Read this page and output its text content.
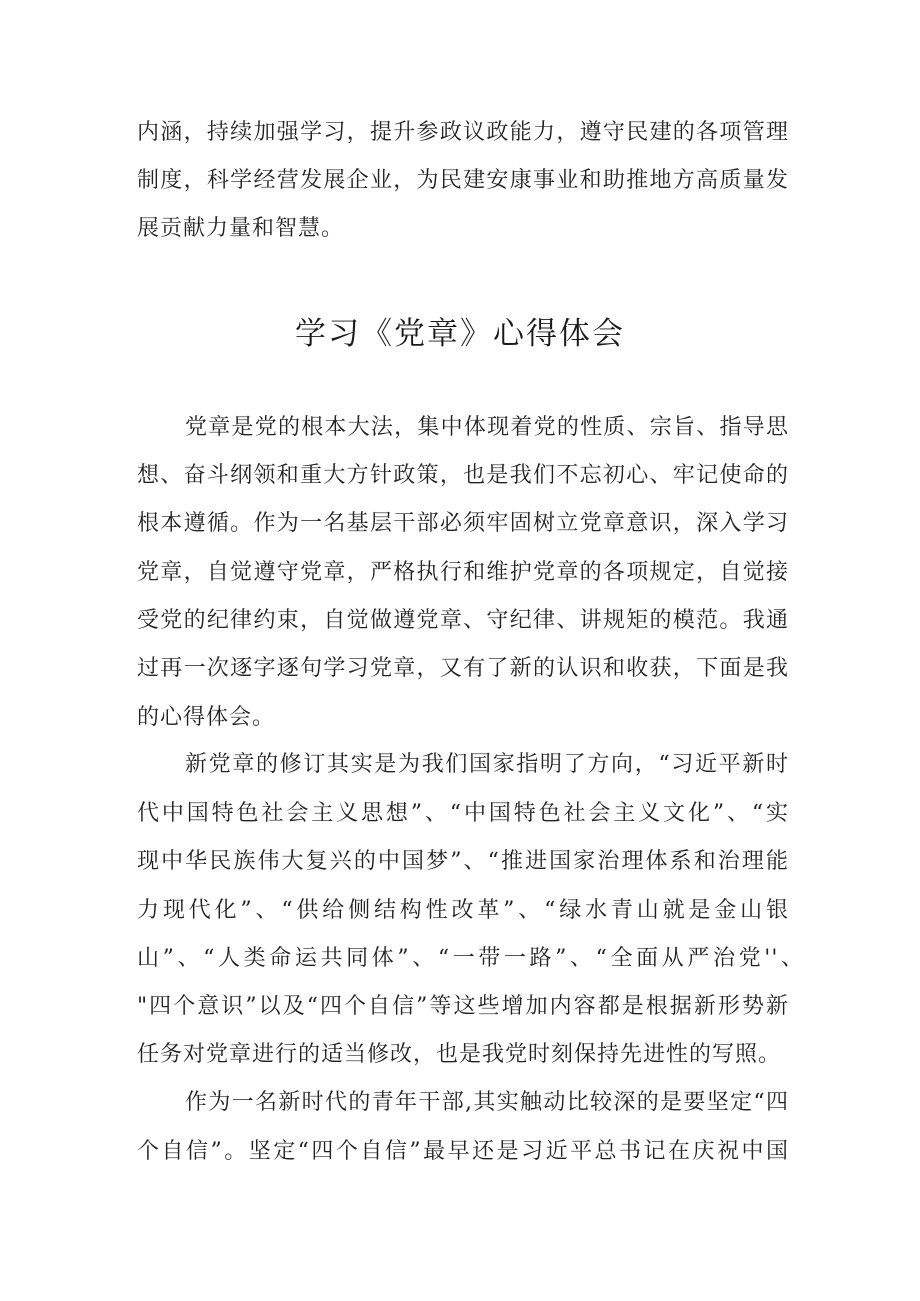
内涵，持续加强学习，提升参政议政能力，遵守民建的各项管理
制度，科学经营发展企业，为民建安康事业和助推地方高质量发
展贡献力量和智慧。
学习《党章》心得体会
党章是党的根本大法，集中体现着党的性质、宗旨、指导思
想、奋斗纲领和重大方针政策，也是我们不忘初心、牢记使命的
根本遵循。作为一名基层干部必须牢固树立党章意识，深入学习
党章，自觉遵守党章，严格执行和维护党章的各项规定，自觉接
受党的纪律约束，自觉做遵党章、守纪律、讲规矩的模范。我通
过再一次逐字逐句学习党章，又有了新的认识和收获，下面是我
的心得体会。
新党章的修订其实是为我们国家指明了方向，“习近平新时
代中国特色社会主义思想”、“中国特色社会主义文化”、“实
现中华民族伟大复兴的中国梦”、“推进国家治理体系和治理能
力现代化”、“供给侧结构性改革”、“绿水青山就是金山银
山”、“人类命运共同体”、“一带一路”、“全面从严治党''、
"四个意识”以及“四个自信”等这些增加内容都是根据新形势新
任务对党章进行的适当修改，也是我党时刻保持先进性的写照。
作为一名新时代的青年干部,其实触动比较深的是要坚定“四
个自信”。坚定“四个自信”最早还是习近平总书记在庆祝中国
